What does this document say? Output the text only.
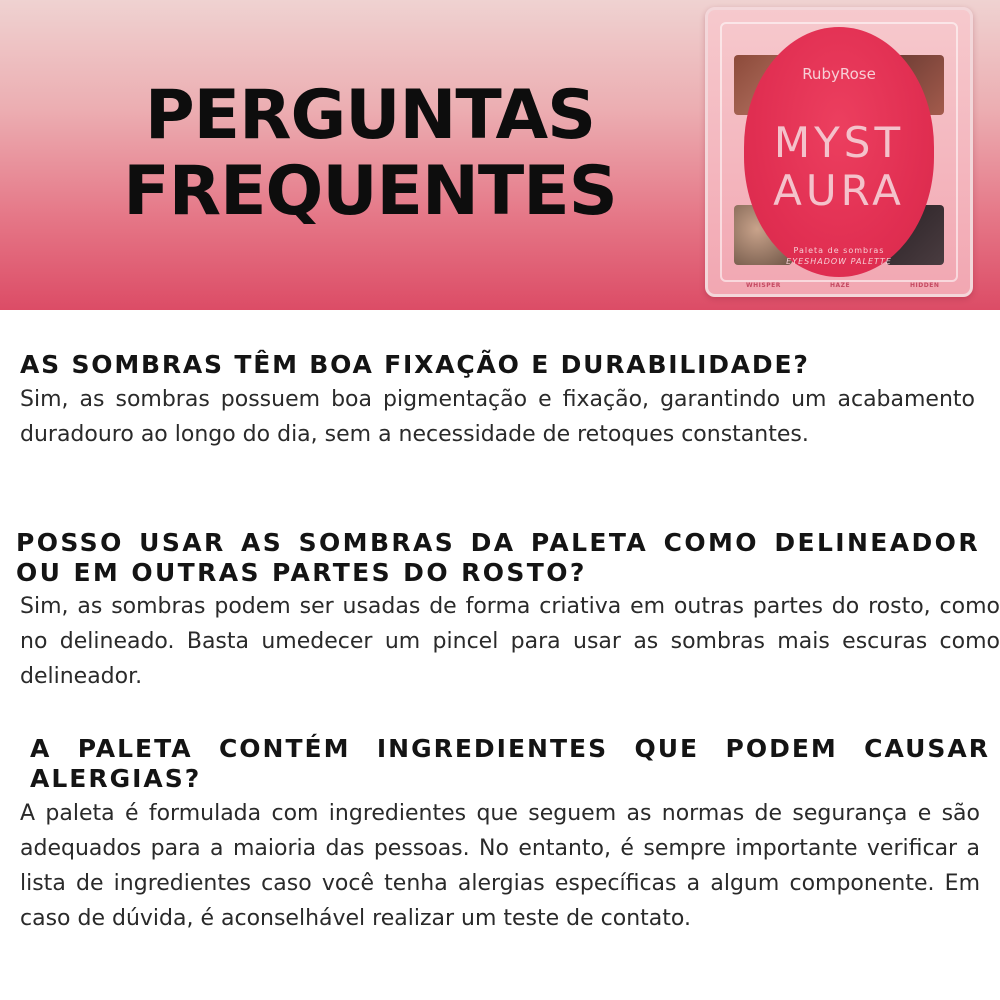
PERGUNTAS
FREQUENTES
RubyRose
MYST
AURA
Paleta de sombras
EYESHADOW PALETTE
WHISPER	HAZE	HIDDEN
AS SOMBRAS TÊM BOA FIXAÇÃO E DURABILIDADE?

Sim, as sombras possuem boa pigmentação e fixação, garantindo um acabamento duradouro ao longo do dia, sem a necessidade de retoques constantes.

POSSO USAR AS SOMBRAS DA PALETA COMO DELINEADOR OU EM OUTRAS PARTES DO ROSTO?

Sim, as sombras podem ser usadas de forma criativa em outras partes do rosto, como no delineado. Basta umedecer um pincel para usar as sombras mais escuras como delineador.

A PALETA CONTÉM INGREDIENTES QUE PODEM CAUSAR ALERGIAS?

A paleta é formulada com ingredientes que seguem as normas de segurança e são adequados para a maioria das pessoas. No entanto, é sempre importante verificar a lista de ingredientes caso você tenha alergias específicas a algum componente. Em caso de dúvida, é aconselhável realizar um teste de contato.
